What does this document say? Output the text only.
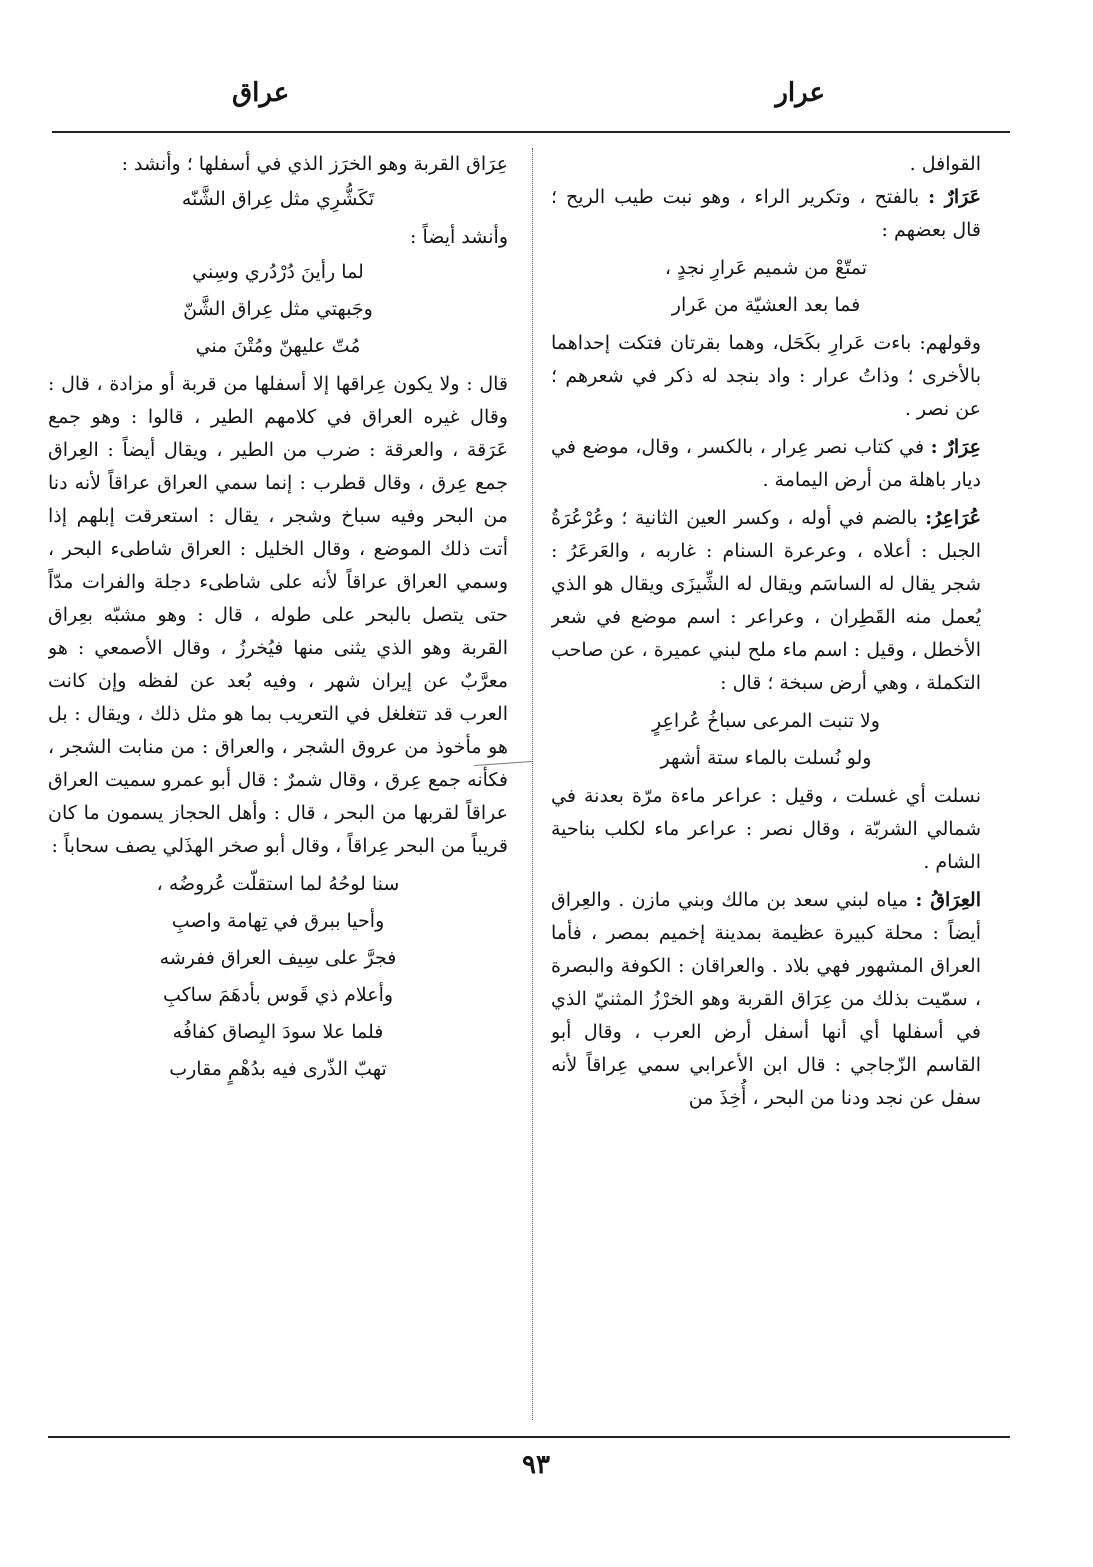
عرار
عراق

القوافل .

عَرَارٌ : بالفتح ، وتكرير الراء ، وهو نبت طيب الريح ؛ قال بعضهم :

تمتّعْ من شميم عَرارِ نجدٍ ،

فما بعد العشيّة من عَرار

وقولهم: باءت عَرارِ بكَحَل، وهما بقرتان فتكت إحداهما بالأخرى ؛ وذاتُ عرار : واد بنجد له ذكر في شعرهم ؛ عن نصر .

عِرَارٌ : في كتاب نصر عِرار ، بالكسر ، وقال، موضع في ديار باهلة من أرض اليمامة .

عُرَاعِرُ: بالضم في أوله ، وكسر العين الثانية ؛ وعُرْعُرَةُ الجبل : أعلاه ، وعرعرة السنام : غاربه ، والعَرعَرُ : شجر يقال له الساسَم ويقال له الشِّيزَى ويقال هو الذي يُعمل منه القَطِران ، وعراعر : اسم موضع في شعر الأخطل ، وقيل : اسم ماء ملح لبني عميرة ، عن صاحب التكملة ، وهي أرض سبخة ؛ قال :

ولا تنبت المرعى سباخُ عُراعِرٍ

ولو نُسلت بالماء ستة أشهر

نسلت أي غسلت ، وقيل : عراعر ماءة مرّة بعدنة في شمالي الشربّة ، وقال نصر : عراعر ماء لكلب بناحية الشام .

العِرَاقُ : مياه لبني سعد بن مالك وبني مازن . والعِراق أيضاً : محلة كبيرة عظيمة بمدينة إخميم بمصر ، فأما العراق المشهور فهي بلاد . والعراقان : الكوفة والبصرة ، سمّيت بذلك من عِرَاق القربة وهو الخرْزُ المثنيّ الذي في أسفلها أي أنها أسفل أرض العرب ، وقال أبو القاسم الزّجاجي : قال ابن الأعرابي سمي عِراقاً لأنه سفل عن نجد ودنا من البحر ، أُخِذَ من

عِرَاق القربة وهو الخرَز الذي في أسفلها ؛ وأنشد :

تَكَشُّرِي مثل عِراق الشَّنّه

وأنشد أيضاً :

لما رأينَ دُرْدُري وسِني

وجَبهتي مثل عِراق الشَّنّ

مُتّ عليهنّ ومُتْنَ مني

قال : ولا يكون عِراقها إلا أسفلها من قربة أو مزادة ، قال : وقال غيره العراق في كلامهم الطير ، قالوا : وهو جمع عَرَقة ، والعرقة : ضرب من الطير ، ويقال أيضاً : العِراق جمع عِرق ، وقال قطرب : إنما سمي العراق عراقاً لأنه دنا من البحر وفيه سباخ وشجر ، يقال : استعرقت إبلهم إذا أتت ذلك الموضع ، وقال الخليل : العراق شاطىء البحر ، وسمي العراق عراقاً لأنه على شاطىء دجلة والفرات مدّاً حتى يتصل بالبحر على طوله ، قال : وهو مشبّه بعِراق القربة وهو الذي يثنى منها فيُخرزُ ، وقال الأصمعي : هو معرَّبٌ عن إيران شهر ، وفيه بُعد عن لفظه وإن كانت العرب قد تتغلغل في التعريب بما هو مثل ذلك ، ويقال : بل هو مأخوذ من عروق الشجر ، والعراق : من منابت الشجر ، فكأنه جمع عِرق ، وقال شمرٌ : قال أبو عمرو سميت العراق عراقاً لقربها من البحر ، قال : وأهل الحجاز يسمون ما كان قريباً من البحر عِراقاً ، وقال أبو صخر الهذَلي يصف سحاباً :

سنا لوحُهُ لما استقلّت عُروضُه ،

وأحيا ببرق في تِهامة واصبِ

فجرَّ على سِيف العراق ففرشه

وأعلام ذي قَوس بأدهَمَ ساكبِ

فلما علا سودَ البِصاق كفافُه

تهبّ الذّرى فيه بدُهْمٍ مقارب

٩٣
